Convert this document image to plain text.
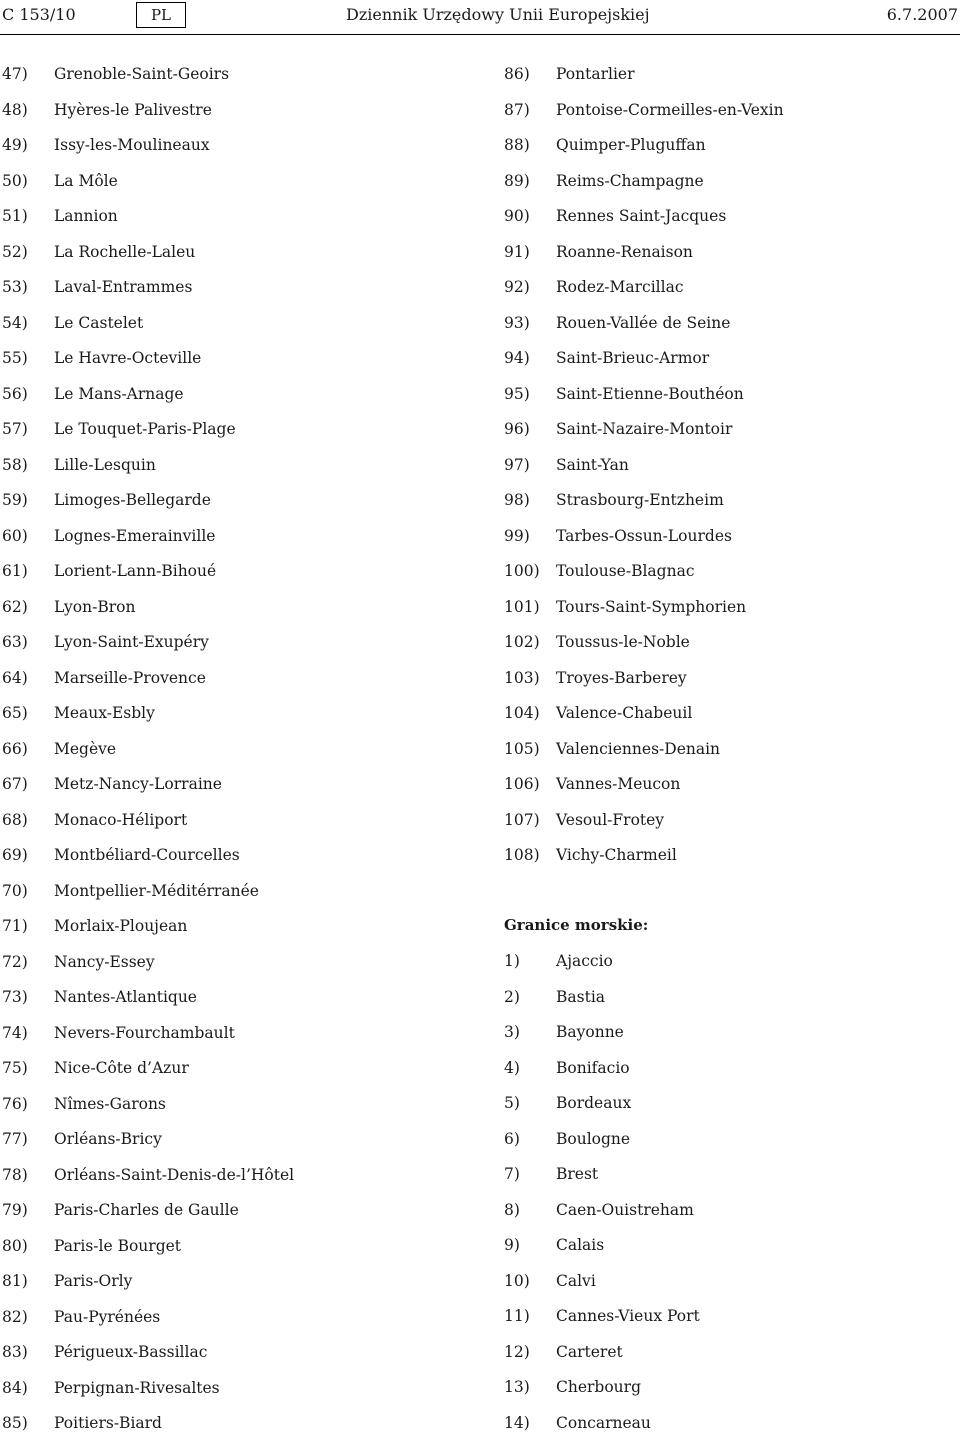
C 153/10	PL	Dziennik Urzędowy Unii Europejskiej	6.7.2007
47) Grenoble-Saint-Geoirs
48) Hyères-le Palivestre
49) Issy-les-Moulineaux
50) La Môle
51) Lannion
52) La Rochelle-Laleu
53) Laval-Entrammes
54) Le Castelet
55) Le Havre-Octeville
56) Le Mans-Arnage
57) Le Touquet-Paris-Plage
58) Lille-Lesquin
59) Limoges-Bellegarde
60) Lognes-Emerainville
61) Lorient-Lann-Bihoué
62) Lyon-Bron
63) Lyon-Saint-Exupéry
64) Marseille-Provence
65) Meaux-Esbly
66) Megève
67) Metz-Nancy-Lorraine
68) Monaco-Héliport
69) Montbéliard-Courcelles
70) Montpellier-Méditérranée
71) Morlaix-Ploujean
72) Nancy-Essey
73) Nantes-Atlantique
74) Nevers-Fourchambault
75) Nice-Côte d’Azur
76) Nîmes-Garons
77) Orléans-Bricy
78) Orléans-Saint-Denis-de-l’Hôtel
79) Paris-Charles de Gaulle
80) Paris-le Bourget
81) Paris-Orly
82) Pau-Pyrénées
83) Périgueux-Bassillac
84) Perpignan-Rivesaltes
85) Poitiers-Biard
86) Pontarlier
87) Pontoise-Cormeilles-en-Vexin
88) Quimper-Pluguffan
89) Reims-Champagne
90) Rennes Saint-Jacques
91) Roanne-Renaison
92) Rodez-Marcillac
93) Rouen-Vallée de Seine
94) Saint-Brieuc-Armor
95) Saint-Etienne-Bouthéon
96) Saint-Nazaire-Montoir
97) Saint-Yan
98) Strasbourg-Entzheim
99) Tarbes-Ossun-Lourdes
100) Toulouse-Blagnac
101) Tours-Saint-Symphorien
102) Toussus-le-Noble
103) Troyes-Barberey
104) Valence-Chabeuil
105) Valenciennes-Denain
106) Vannes-Meucon
107) Vesoul-Frotey
108) Vichy-Charmeil
Granice morskie:
1) Ajaccio
2) Bastia
3) Bayonne
4) Bonifacio
5) Bordeaux
6) Boulogne
7) Brest
8) Caen-Ouistreham
9) Calais
10) Calvi
11) Cannes-Vieux Port
12) Carteret
13) Cherbourg
14) Concarneau
